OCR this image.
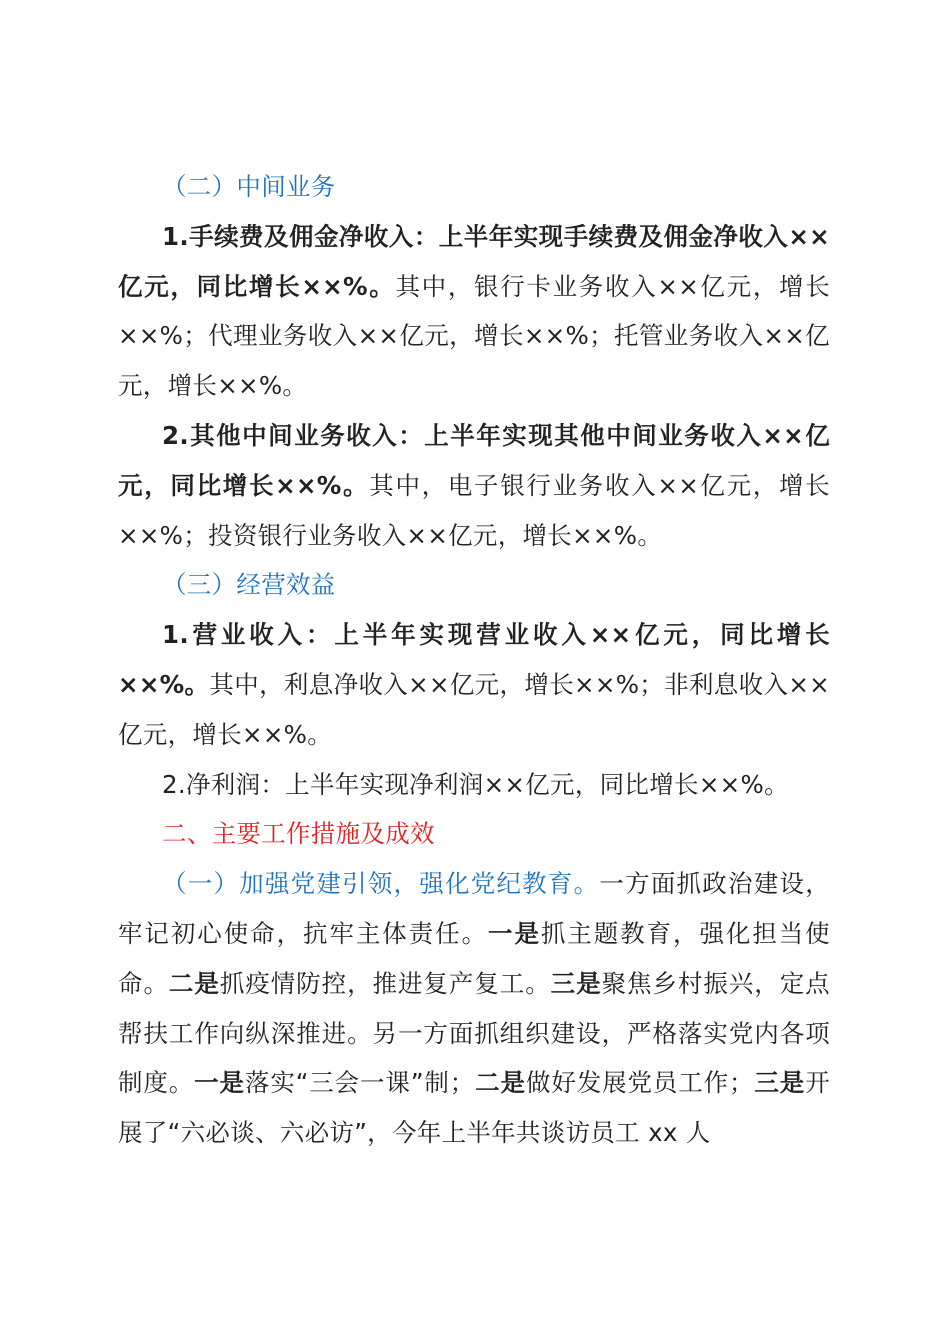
（二）中间业务

1.手续费及佣金净收入：上半年实现手续费及佣金净收入××亿元，同比增长××%。其中，银行卡业务收入××亿元，增长××%；代理业务收入××亿元，增长××%；托管业务收入××亿元，增长××%。

2.其他中间业务收入：上半年实现其他中间业务收入××亿元，同比增长××%。其中，电子银行业务收入××亿元，增长××%；投资银行业务收入××亿元，增长××%。

（三）经营效益

1.营业收入：上半年实现营业收入××亿元，同比增长××%。其中，利息净收入××亿元，增长××%；非利息收入××亿元，增长××%。

2.净利润：上半年实现净利润××亿元，同比增长××%。

二、主要工作措施及成效

（一）加强党建引领，强化党纪教育。一方面抓政治建设，牢记初心使命，抗牢主体责任。一是抓主题教育，强化担当使命。二是抓疫情防控，推进复产复工。三是聚焦乡村振兴，定点帮扶工作向纵深推进。另一方面抓组织建设，严格落实党内各项制度。一是落实“三会一课”制；二是做好发展党员工作；三是开展了“六必谈、六必访”，今年上半年共谈访员工 xx 人
